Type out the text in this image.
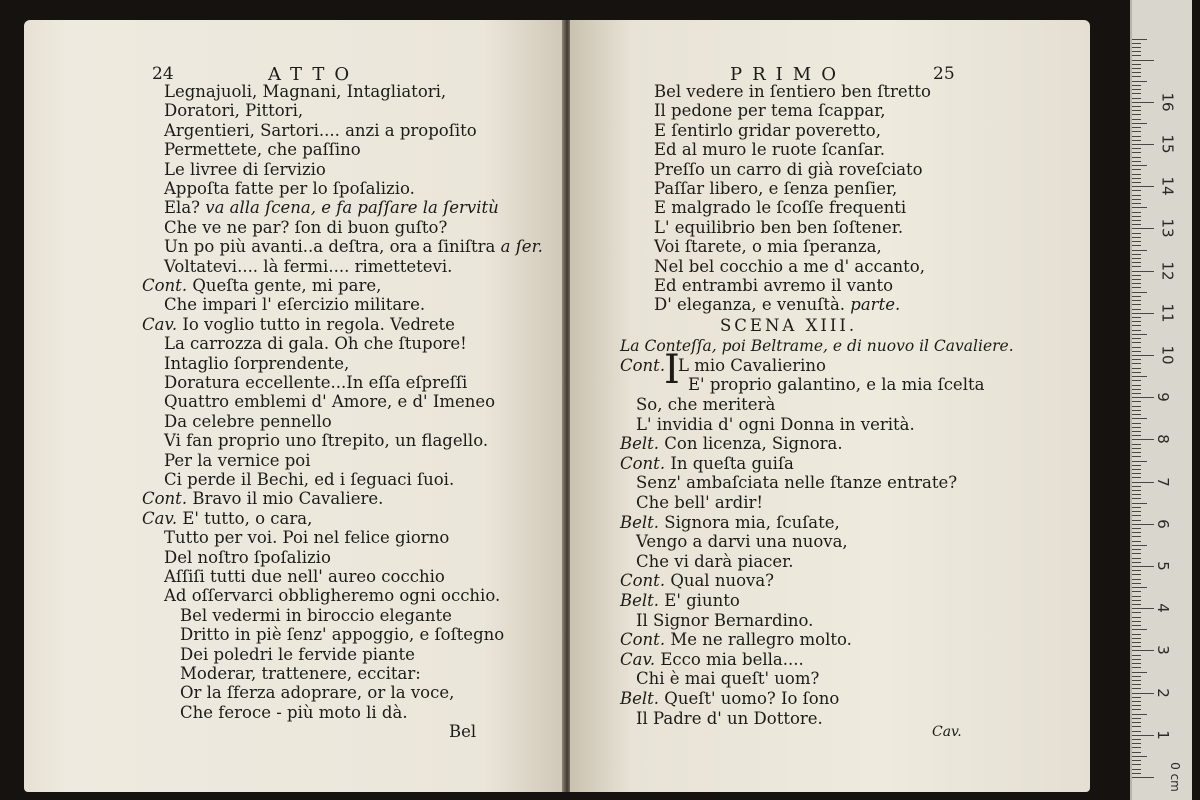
24	ATTO
Legnajuoli, Magnani, Intagliatori,
Doratori, Pittori,
Argentieri, Sartori.... anzi a propoſito
Permettete, che paſſino
Le livree di ſervizio
Appoſta fatte per lo ſpoſalizio.
Ela? va alla ſcena, e fa paſſare la ſervitù
Che ve ne par? ſon di buon guſto?
Un po più avanti..a deſtra, ora a ſiniſtra a ſer.
Voltatevi.... là fermi.... rimettetevi.
Cont. Queſta gente, mi pare,
Che impari l' eſercizio militare.
Cav. Io voglio tutto in regola. Vedrete
La carrozza di gala. Oh che ſtupore!
Intaglio ſorprendente,
Doratura eccellente...In eſſa eſpreſſi
Quattro emblemi d' Amore, e d' Imeneo
Da celebre pennello
Vi fan proprio uno ſtrepito, un flagello.
Per la vernice poi
Ci perde il Bechi, ed i ſeguaci ſuoi.
Cont. Bravo il mio Cavaliere.
Cav. E' tutto, o cara,
Tutto per voi. Poi nel felice giorno
Del noſtro ſpoſalizio
Aſſiſi tutti due nell' aureo cocchio
Ad oſſervarci obbligheremo ogni occhio.
Bel vedermi in biroccio elegante
Dritto in piè ſenz' appoggio, e ſoſtegno
Dei poledri le fervide piante
Moderar, trattenere, eccitar:
Or la ſferza adoprare, or la voce,
Che feroce - più moto li dà.
Bel
PRIMO	25
Bel vedere in ſentiero ben ſtretto
Il pedone per tema ſcappar,
E ſentirlo gridar poveretto,
Ed al muro le ruote ſcanſar.
Preſſo un carro di già roveſciato
Paſſar libero, e ſenza penſier,
E malgrado le ſcoſſe frequenti
L' equilibrio ben ben ſoſtener.
Voi ſtarete, o mia ſperanza,
Nel bel cocchio a me d' accanto,
Ed entrambi avremo il vanto
D' eleganza, e venuſtà. parte.
SCENA XIII.
La Conteſſa, poi Beltrame, e di nuovo il Cavaliere.
Cont.
I
L mio Cavalierino
E' proprio galantino, e la mia ſcelta
So, che meriterà
L' invidia d' ogni Donna in verità.
Belt. Con licenza, Signora.
Cont. In queſta guiſa
Senz' ambaſciata nelle ſtanze entrate?
Che bell' ardir!
Belt. Signora mia, ſcuſate,
Vengo a darvi una nuova,
Che vi darà piacer.
Cont. Qual nuova?
Belt. E' giunto
Il Signor Bernardino.
Cont. Me ne rallegro molto.
Cav. Ecco mia bella....
Chi è mai queſt' uom?
Belt. Queſt' uomo? Io ſono
Il Padre d' un Dottore.
Cav.	1
2
3
4
5
6
7
8
9
10
11
12
13
14
15
16
0 cm
